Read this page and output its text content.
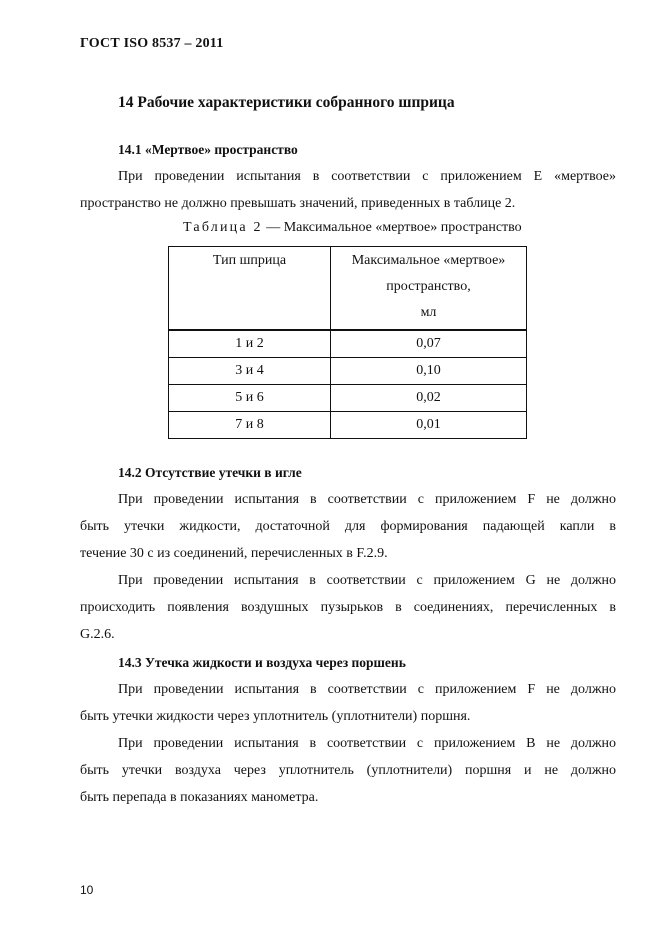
ГОСТ ISO 8537 – 2011
14 Рабочие характеристики собранного шприца
14.1 «Мертвое» пространство
При проведении испытания в соответствии с приложением Е «мертвое»
пространство не должно превышать значений, приведенных в таблице 2.
Таблица 2 — Максимальное «мертвое» пространство
Тип шприца	Максимальное «мертвое»
пространство,
мл

1 и 2	0,07
3 и 4	0,10
5 и 6	0,02
7 и 8	0,01
14.2 Отсутствие утечки в игле
При проведении испытания в соответствии с приложением F не должно
быть утечки жидкости, достаточной для формирования падающей капли в
течение 30 с из соединений, перечисленных в F.2.9.
При проведении испытания в соответствии с приложением G не должно
происходить появления воздушных пузырьков в соединениях, перечисленных в
G.2.6.
14.3 Утечка жидкости и воздуха через поршень
При проведении испытания в соответствии с приложением F не должно
быть утечки жидкости через уплотнитель (уплотнители) поршня.
При проведении испытания в соответствии с приложением В не должно
быть утечки воздуха через уплотнитель (уплотнители) поршня и не должно
быть перепада в показаниях манометра.
10
